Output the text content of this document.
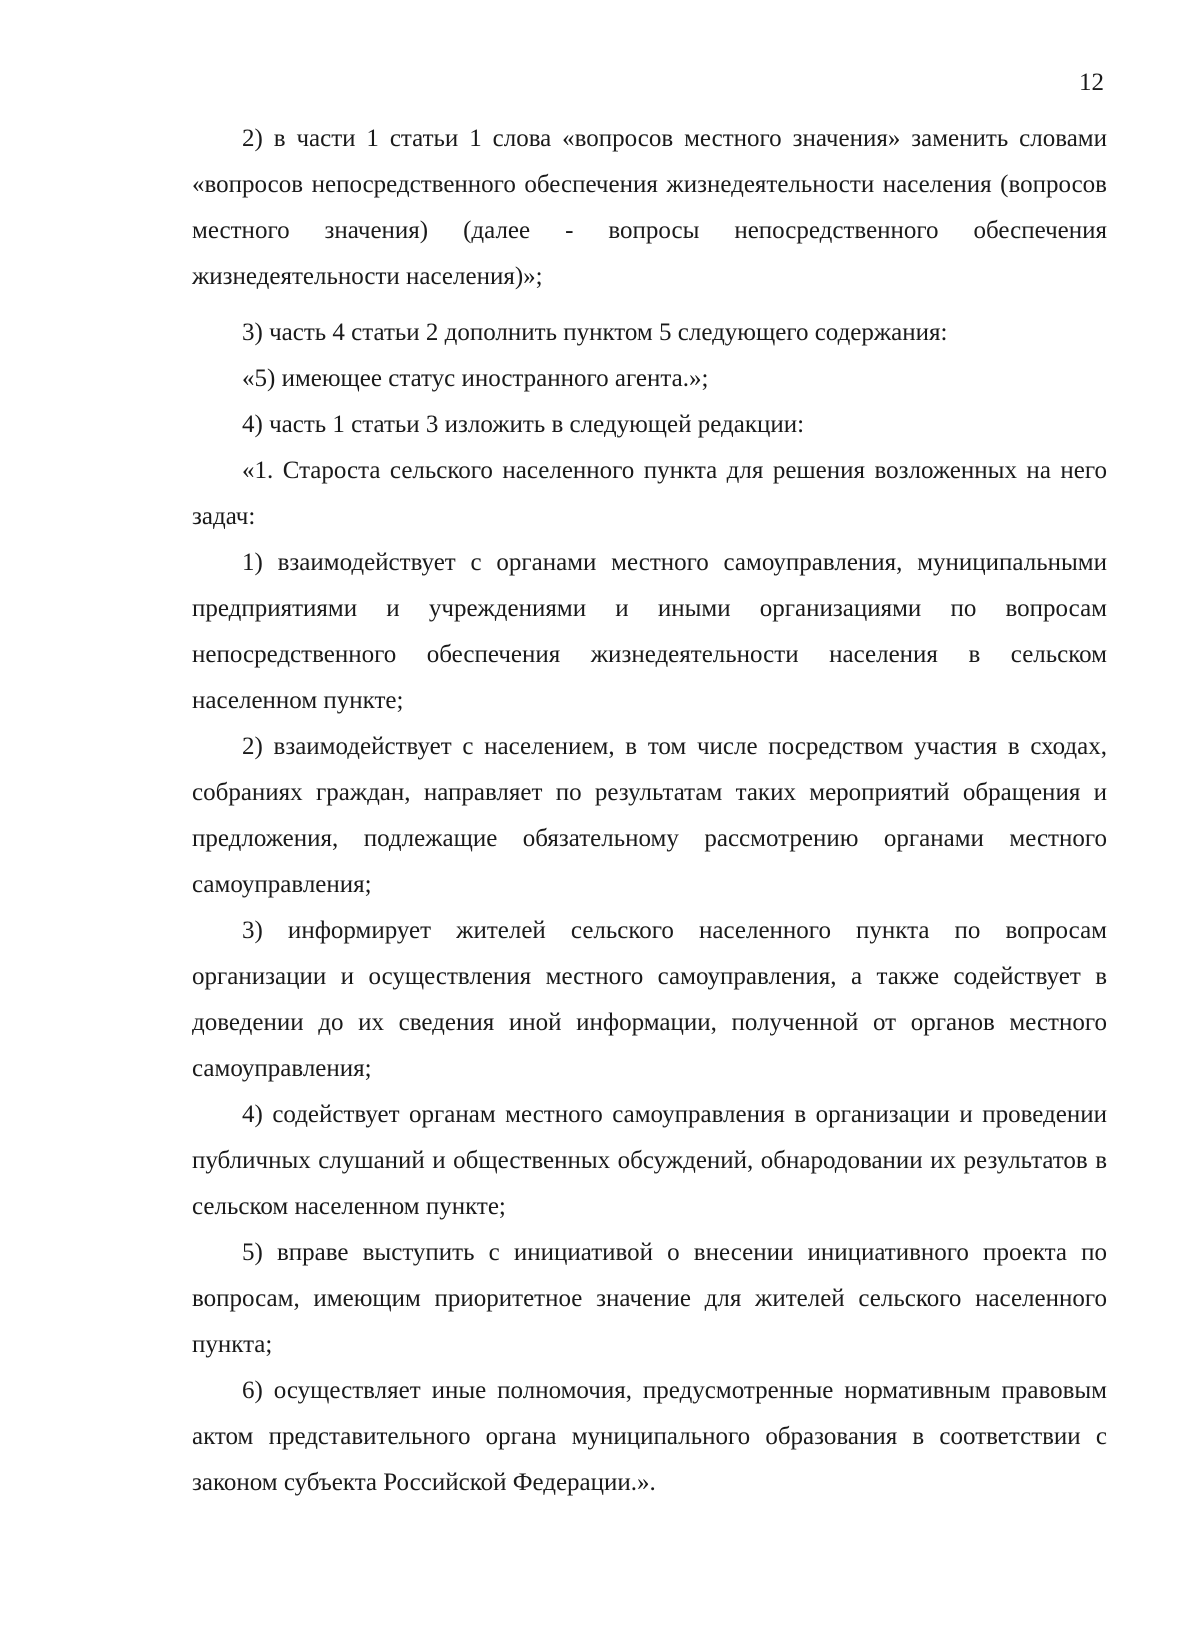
12

2) в части 1 статьи 1 слова «вопросов местного значения» заменить словами «вопросов непосредственного обеспечения жизнедеятельности населения (вопросов местного значения) (далее - вопросы непосредственного обеспечения жизнедеятельности населения)»;

3) часть 4 статьи 2 дополнить пунктом 5 следующего содержания:

«5) имеющее статус иностранного агента.»;

4) часть 1 статьи 3 изложить в следующей редакции:

«1. Староста сельского населенного пункта для решения возложенных на него задач:

1) взаимодействует с органами местного самоуправления, муниципальными предприятиями и учреждениями и иными организациями по вопросам непосредственного обеспечения жизнедеятельности населения в сельском населенном пункте;

2) взаимодействует с населением, в том числе посредством участия в сходах, собраниях граждан, направляет по результатам таких мероприятий обращения и предложения, подлежащие обязательному рассмотрению органами местного самоуправления;

3) информирует жителей сельского населенного пункта по вопросам организации и осуществления местного самоуправления, а также содействует в доведении до их сведения иной информации, полученной от органов местного самоуправления;

4) содействует органам местного самоуправления в организации и проведении публичных слушаний и общественных обсуждений, обнародовании их результатов в сельском населенном пункте;

5) вправе выступить с инициативой о внесении инициативного проекта по вопросам, имеющим приоритетное значение для жителей сельского населенного пункта;

6) осуществляет иные полномочия, предусмотренные нормативным правовым актом представительного органа муниципального образования в соответствии с законом субъекта Российской Федерации.».
